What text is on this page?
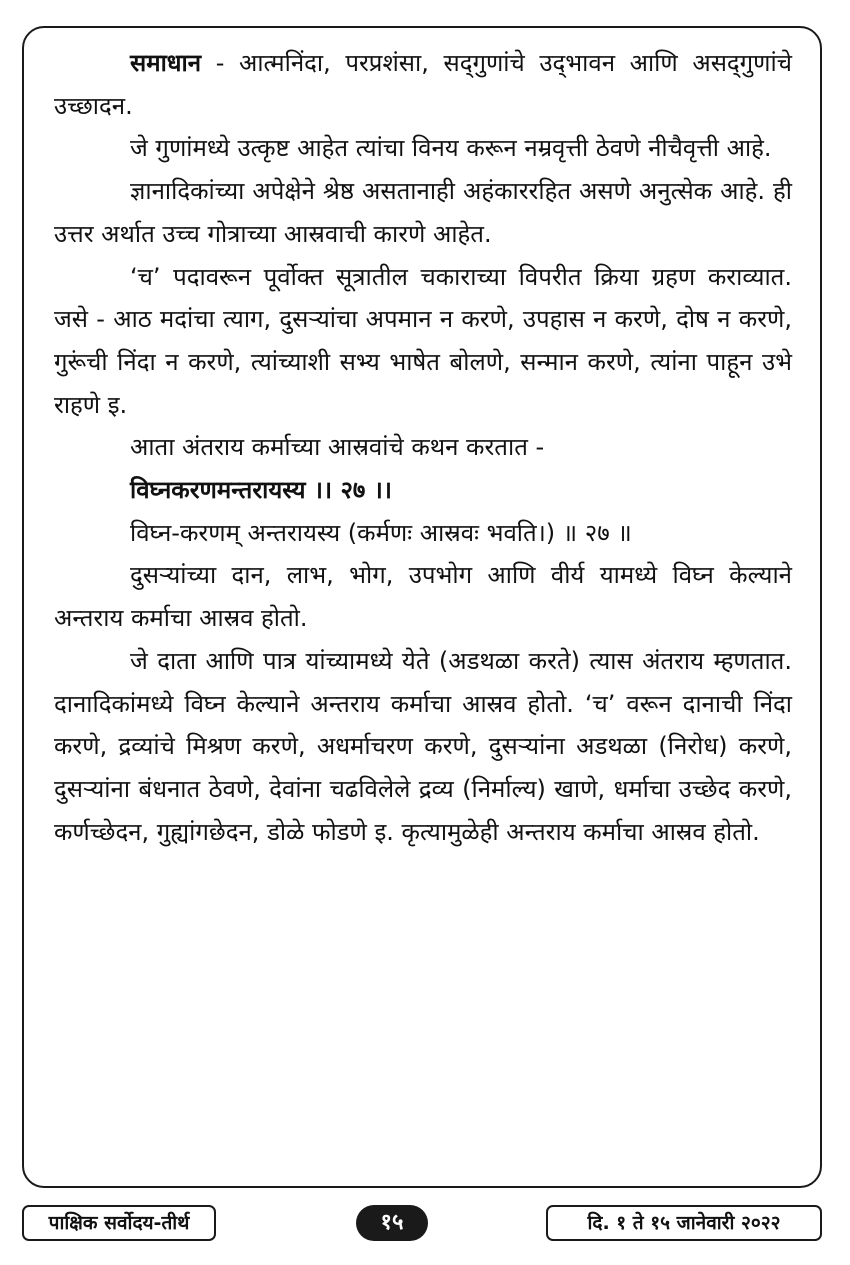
समाधान - आत्मनिंदा, परप्रशंसा, सद्‌गुणांचे उद्‌भावन आणि असद्‌गुणांचे उच्छादन.

जे गुणांमध्ये उत्कृष्ट आहेत त्यांचा विनय करून नम्रवृत्ती ठेवणे नीचैवृत्ती आहे.

ज्ञानादिकांच्या अपेक्षेने श्रेष्ठ असतानाही अहंकाररहित असणे अनुत्सेक आहे. ही उत्तर अर्थात उच्च गोत्राच्या आस्रवाची कारणे आहेत.

‘च’ पदावरून पूर्वोक्त सूत्रातील चकाराच्या विपरीत क्रिया ग्रहण कराव्यात. जसे - आठ मदांचा त्याग, दुसऱ्यांचा अपमान न करणे, उपहास न करणे, दोष न करणे, गुरूंची निंदा न करणे, त्यांच्याशी सभ्य भाषेत बोलणे, सन्मान करणे, त्यांना पाहून उभे राहणे इ.

आता अंतराय कर्माच्या आस्रवांचे कथन करतात -

विघ्नकरणमन्तरायस्य ।। २७ ।।

विघ्न-करणम् अन्तरायस्य (कर्मणः आस्रवः भवति।) ॥ २७ ॥

दुसऱ्यांच्या दान, लाभ, भोग, उपभोग आणि वीर्य यामध्ये विघ्न केल्याने अन्तराय कर्माचा आस्रव होतो.

जे दाता आणि पात्र यांच्यामध्ये येते (अडथळा करते) त्यास अंतराय म्हणतात. दानादिकांमध्ये विघ्न केल्याने अन्तराय कर्माचा आस्रव होतो. ‘च’ वरून दानाची निंदा करणे, द्रव्यांचे मिश्रण करणे, अधर्माचरण करणे, दुसऱ्यांना अडथळा (निरोध) करणे, दुसऱ्यांना बंधनात ठेवणे, देवांना चढविलेले द्रव्य (निर्माल्य) खाणे, धर्माचा उच्छेद करणे, कर्णच्छेदन, गुह्यांगछेदन, डोळे फोडणे इ. कृत्यामुळेही अन्तराय कर्माचा आस्रव होतो.

पाक्षिक सर्वोदय-तीर्थ	१५	दि. १ ते १५ जानेवारी २०२२
